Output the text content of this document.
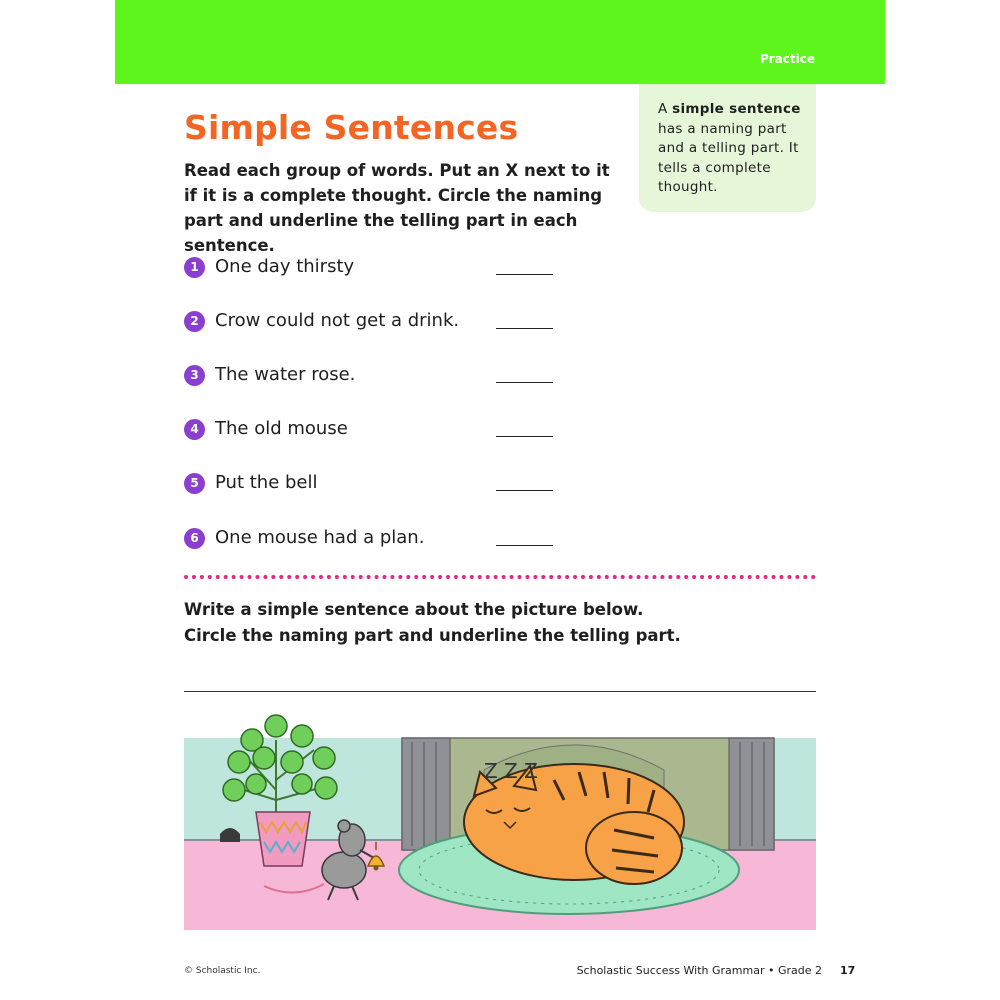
Practice
Simple Sentences
Read each group of words. Put an X next to it if it is a complete thought. Circle the naming part and underline the telling part in each sentence.
A simple sentence has a naming part and a telling part. It tells a complete thought.
1 One day thirsty
2 Crow could not get a drink.
3 The water rose.
4 The old mouse
5 Put the bell
6 One mouse had a plan.
Write a simple sentence about the picture below.
Circle the naming part and underline the telling part.
Z Z Z
© Scholastic Inc.	Scholastic Success With Grammar • Grade 2 17
